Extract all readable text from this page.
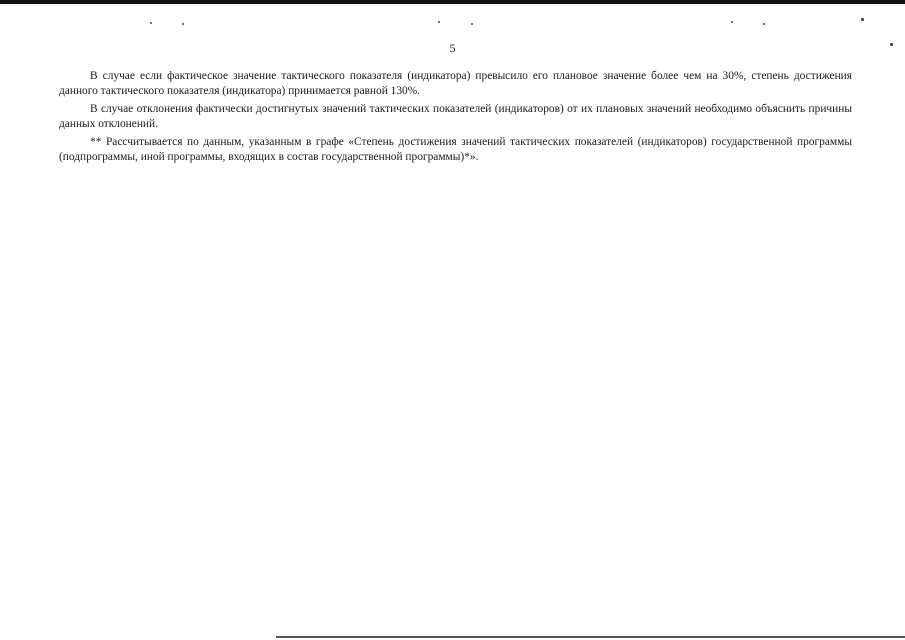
5

В случае если фактическое значение тактического показателя (индикатора) превысило его плановое значение более чем на 30%, степень достижения данного тактического показателя (индикатора) принимается равной 130%.

В случае отклонения фактически достигнутых значений тактических показателей (индикаторов) от их плановых значений необходимо объяснить причины данных отклонений.

** Рассчитывается по данным, указанным в графе «Степень достижения значений тактических показателей (индикаторов) государственной программы (подпрограммы, иной программы, входящих в состав государственной программы)*».
